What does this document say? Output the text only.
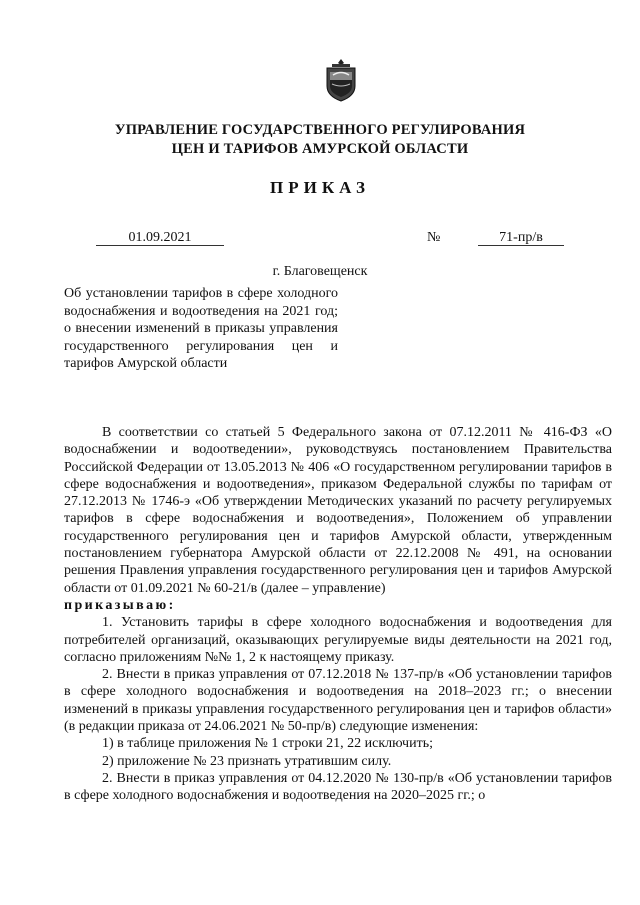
УПРАВЛЕНИЕ ГОСУДАРСТВЕННОГО РЕГУЛИРОВАНИЯ
ЦЕН И ТАРИФОВ АМУРСКОЙ ОБЛАСТИ
ПРИКАЗ
01.09.2021	№	71-пр/в
г. Благовещенск
Об установлении тарифов в сфере холодного водоснабжения и водоотведения на 2021 год; о внесении изменений в приказы управления государственного регулирования цен и тарифов Амурской области

В соответствии со статьей 5 Федерального закона от 07.12.2011 № 416-ФЗ «О водоснабжении и водоотведении», руководствуясь постановлением Правительства Российской Федерации от 13.05.2013 № 406 «О государственном регулировании тарифов в сфере водоснабжения и водоотведения», приказом Федеральной службы по тарифам от 27.12.2013 № 1746-э «Об утверждении Методических указаний по расчету регулируемых тарифов в сфере водоснабжения и водоотведения», Положением об управлении государственного регулирования цен и тарифов Амурской области, утвержденным постановлением губернатора Амурской области от 22.12.2008 № 491, на основании решения Правления управления государственного регулирования цен и тарифов Амурской области от 01.09.2021 № 60-21/в (далее – управление)

приказываю:

1. Установить тарифы в сфере холодного водоснабжения и водоотведения для потребителей организаций, оказывающих регулируемые виды деятельности на 2021 год, согласно приложениям №№ 1, 2 к настоящему приказу.

2. Внести в приказ управления от 07.12.2018 № 137-пр/в «Об установлении тарифов в сфере холодного водоснабжения и водоотведения на 2018–2023 гг.; о внесении изменений в приказы управления государственного регулирования цен и тарифов области» (в редакции приказа от 24.06.2021 № 50-пр/в) следующие изменения:

1) в таблице приложения № 1 строки 21, 22 исключить;

2) приложение № 23 признать утратившим силу.

2. Внести в приказ управления от 04.12.2020 № 130-пр/в «Об установлении тарифов в сфере холодного водоснабжения и водоотведения на 2020–2025 гг.; о
